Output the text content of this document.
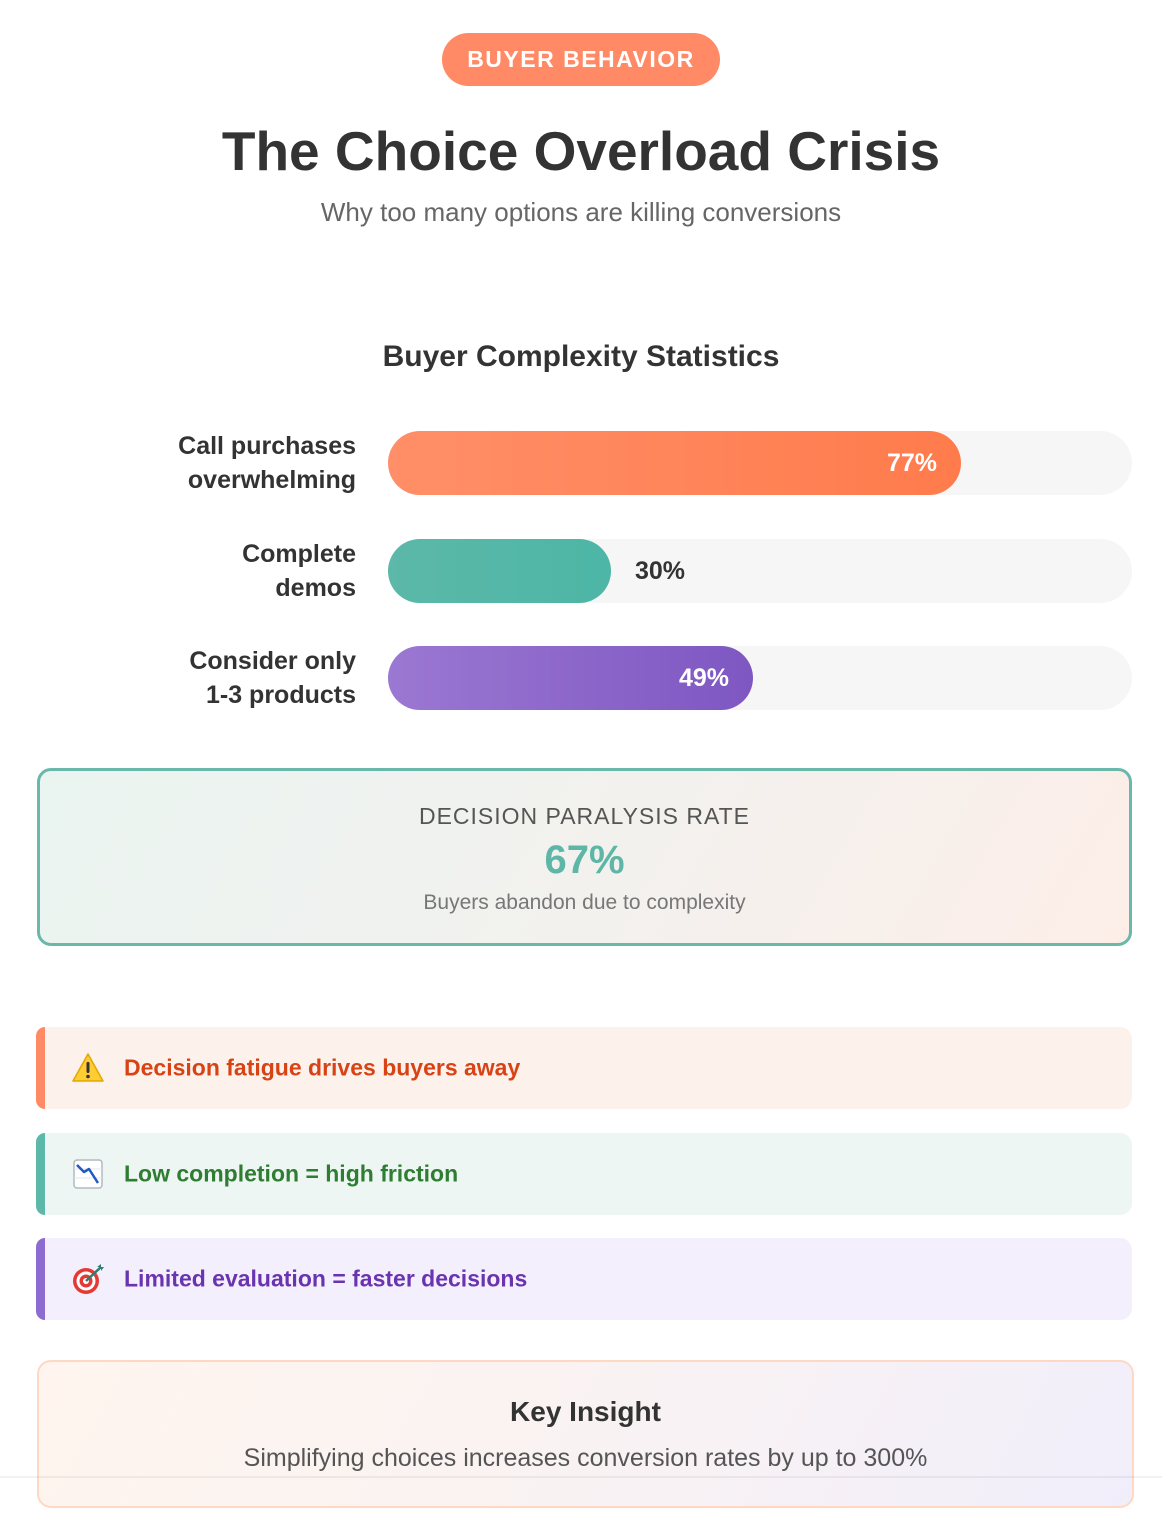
BUYER BEHAVIOR
The Choice Overload Crisis
Why too many options are killing conversions
Buyer Complexity Statistics
Call purchases
overwhelming
77%
Complete
demos
30%
Consider only
1-3 products
49%
DECISION PARALYSIS RATE
67%
Buyers abandon due to complexity
Decision fatigue drives buyers away
Low completion = high friction
Limited evaluation = faster decisions
Key Insight
Simplifying choices increases conversion rates by up to 300%
